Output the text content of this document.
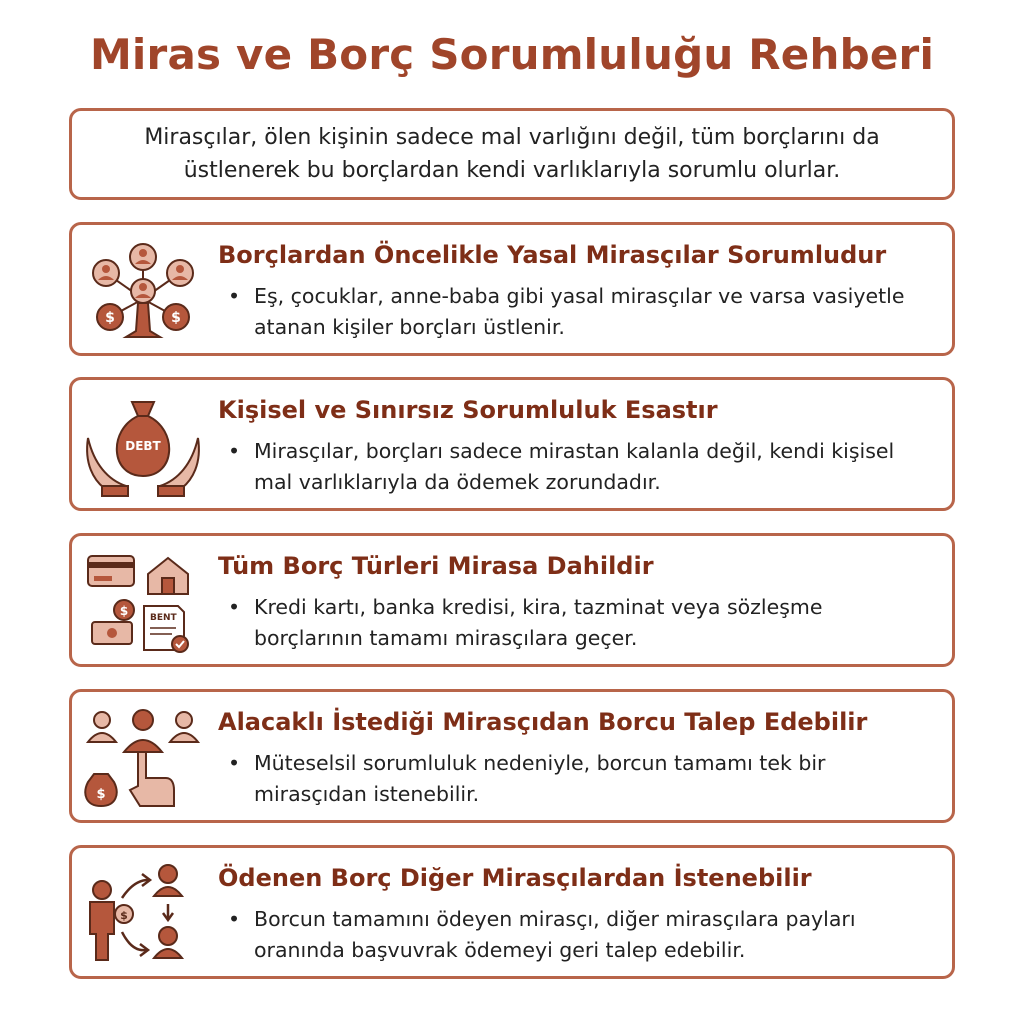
Miras ve Borç Sorumluluğu Rehberi
Mirasçılar, ölen kişinin sadece mal varlığını değil, tüm borçlarını da üstlenerek bu borçlardan kendi varlıklarıyla sorumlu olurlar.
$	$
Borçlardan Öncelikle Yasal Mirasçılar Sorumludur
• Eş, çocuklar, anne-baba gibi yasal mirasçılar ve varsa vasiyetle atanan kişiler borçları üstlenir.
DEBT
Kişisel ve Sınırsız Sorumluluk Esastır
• Mirasçılar, borçları sadece mirastan kalanla değil, kendi kişisel mal varlıklarıyla da ödemek zorundadır.
$ BENT
Tüm Borç Türleri Mirasa Dahildir
• Kredi kartı, banka kredisi, kira, tazminat veya sözleşme borçlarının tamamı mirasçılara geçer.
$
Alacaklı İstediği Mirasçıdan Borcu Talep Edebilir
• Müteselsil sorumluluk nedeniyle, borcun tamamı tek bir mirasçıdan istenebilir.
$
Ödenen Borç Diğer Mirasçılardan İstenebilir
• Borcun tamamını ödeyen mirasçı, diğer mirasçılara payları oranında başvuvrak ödemeyi geri talep edebilir.
